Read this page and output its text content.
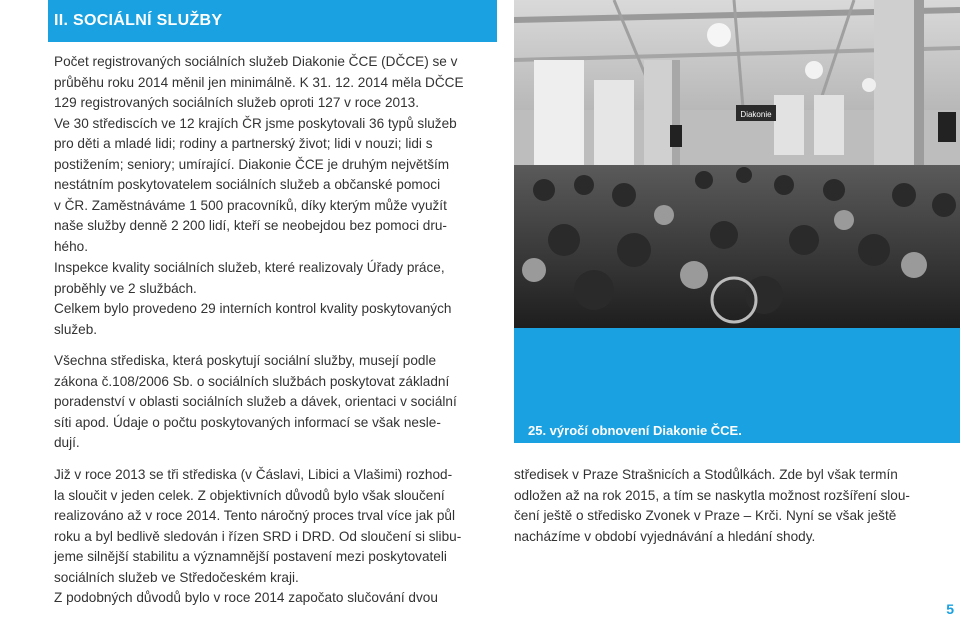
II. SOCIÁLNÍ SLUŽBY

Počet registrovaných sociálních služeb Diakonie ČCE (DČCE) se v
průběhu roku 2014 měnil jen minimálně. K 31. 12. 2014 měla DČCE
129 registrovaných sociálních služeb oproti 127 v roce 2013.
Ve 30 střediscích ve 12 krajích ČR jsme poskytovali 36 typů služeb
pro děti a mladé lidi; rodiny a partnerský život; lidi v nouzi; lidi s
postižením; seniory; umírající. Diakonie ČCE je druhým největším
nestátním poskytovatelem sociálních služeb a občanské pomoci
v ČR. Zaměstnáváme 1 500 pracovníků, díky kterým může využít
naše služby denně 2 200 lidí, kteří se neobejdou bez pomoci dru-
hého.

Inspekce kvality sociálních služeb, které realizovaly Úřady práce,
proběhly ve 2 službách.
Celkem bylo provedeno 29 interních kontrol kvality poskytovaných
služeb.

Všechna střediska, která poskytují sociální služby, musejí podle
zákona č.108/2006 Sb. o sociálních službách poskytovat základní
poradenství v oblasti sociálních služeb a dávek, orientaci v sociální
síti apod. Údaje o počtu poskytovaných informací se však nesle-
dují.

Již v roce 2013 se tři střediska (v Čáslavi, Libici a Vlašimi) rozhod-
la sloučit v jeden celek. Z objektivních důvodů bylo však sloučení
realizováno až v roce 2014. Tento náročný proces trval více jak půl
roku a byl bedlivě sledován i řízen SRD i DRD. Od sloučení si slibu-
jeme silnější stabilitu a významnější postavení mezi poskytovateli
sociálních služeb ve Středočeském kraji.
Z podobných důvodů bylo v roce 2014 započato slučování dvou

Diakonie
25. výročí obnovení Diakonie ČCE.

středisek v Praze Strašnicích a Stodůlkách. Zde byl však termín
odložen až na rok 2015, a tím se naskytla možnost rozšíření slou-
čení ještě o středisko Zvonek v Praze – Krči. Nyní se však ještě
nacházíme v období vyjednávání a hledání shody.

5
